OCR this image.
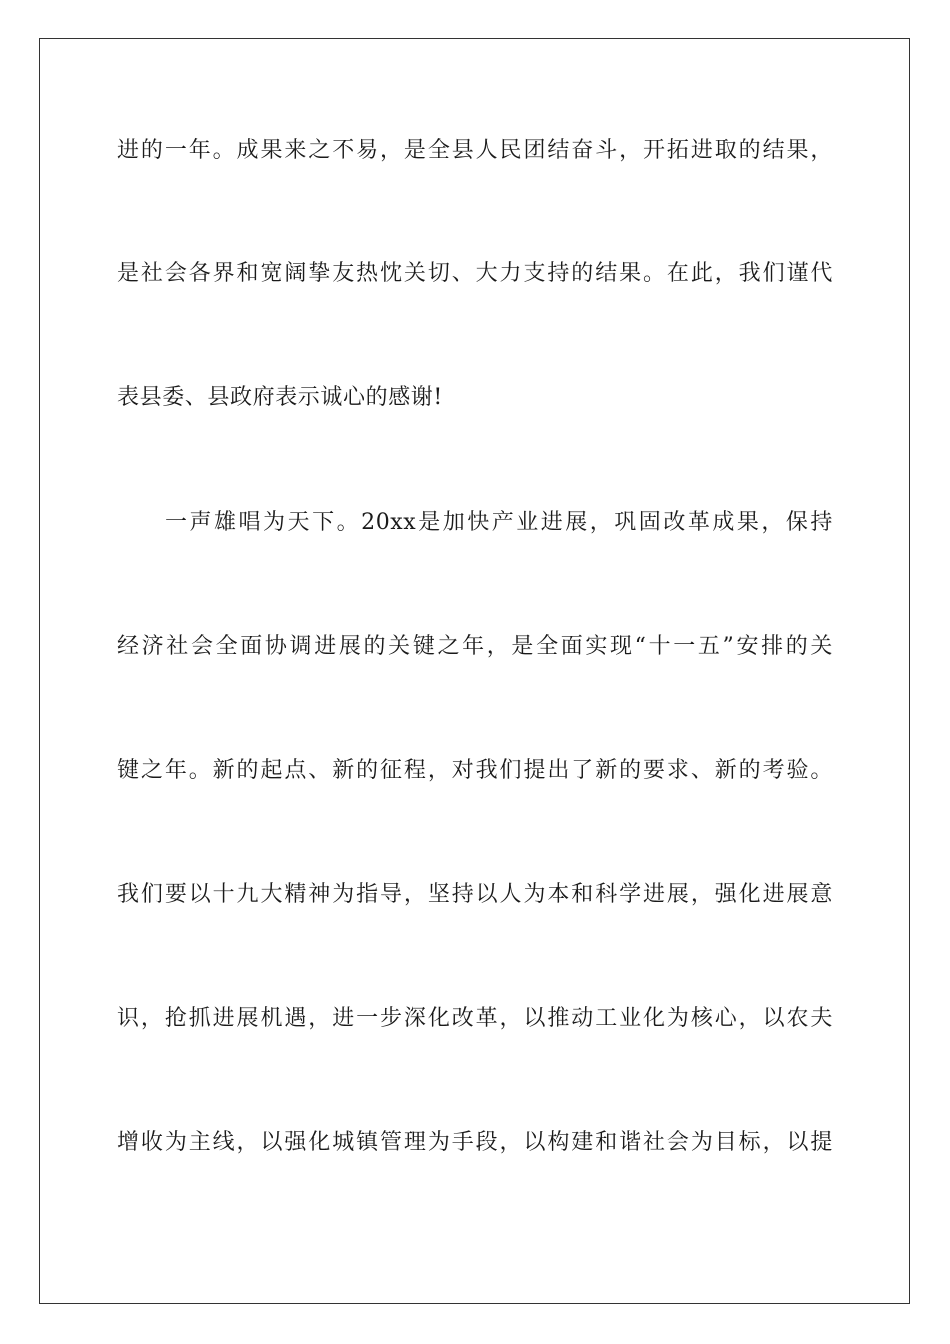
进的一年。成果来之不易，是全县人民团结奋斗，开拓进取的结果，
是社会各界和宽阔挚友热忱关切、大力支持的结果。在此，我们谨代
表县委、县政府表示诚心的感谢!
一声雄唱为天下。20xx是加快产业进展，巩固改革成果，保持
经济社会全面协调进展的关键之年，是全面实现“十一五”安排的关
键之年。新的起点、新的征程，对我们提出了新的要求、新的考验。
我们要以十九大精神为指导，坚持以人为本和科学进展，强化进展意
识，抢抓进展机遇，进一步深化改革，以推动工业化为核心，以农夫
增收为主线，以强化城镇管理为手段，以构建和谐社会为目标，以提
